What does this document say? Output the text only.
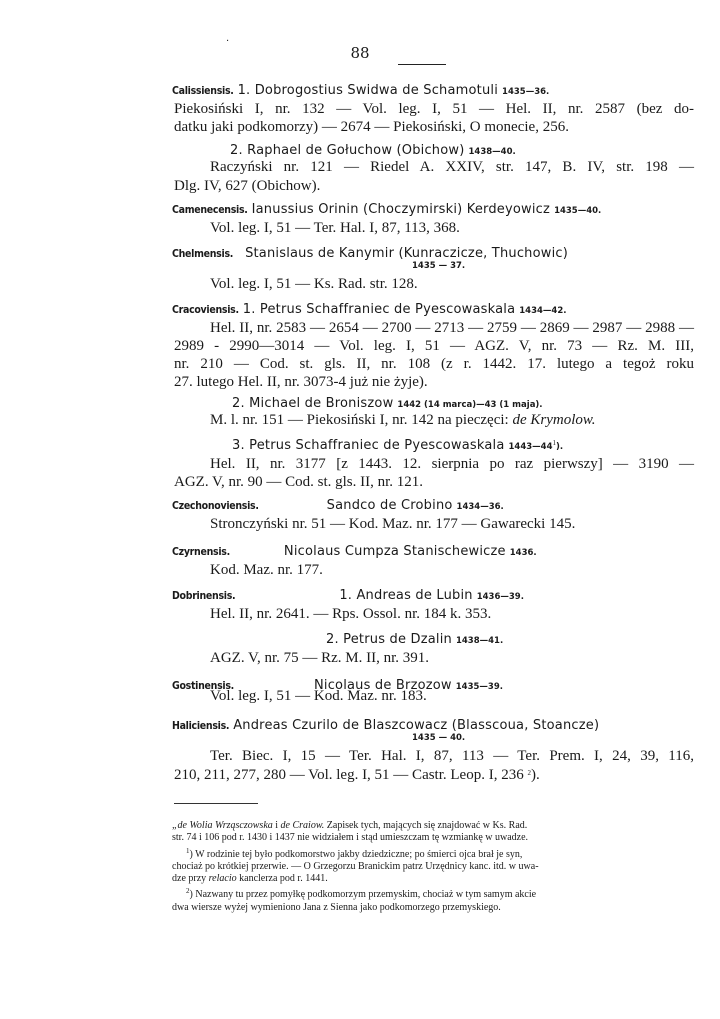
·
88
Calissiensis. 1. Dobrogostius Swidwa de Schamotuli 1435—36.
Piekosiński I, nr. 132 — Vol. leg. I, 51 — Hel. II, nr. 2587 (bez do-
datku jaki podkomorzy) — 2674 — Piekosiński, O monecie, 256.
2. Raphael de Gołuchow (Obichow) 1438—40.
Raczyński nr. 121 — Riedel A. XXIV, str. 147, B. IV, str. 198 —
Dlg. IV, 627 (Obichow).
Camenecensis. Ianussius Orinin (Choczymirski) Kerdeyowicz 1435—40.
Vol. leg. I, 51 — Ter. Hal. I, 87, 113, 368.
Chelmensis. Stanislaus de Kanymir (Kunraczicze, Thuchowic)
1435 — 37.
Vol. leg. I, 51 — Ks. Rad. str. 128.
Cracoviensis. 1. Petrus Schaffraniec de Pyescowaskala 1434—42.
Hel. II, nr. 2583 — 2654 — 2700 — 2713 — 2759 — 2869 — 2987 — 2988 —
2989 - 2990—3014 — Vol. leg. I, 51 — AGZ. V, nr. 73 — Rz. M. III,
nr. 210 — Cod. st. gls. II, nr. 108 (z r. 1442. 17. lutego a tegoż roku
27. lutego Hel. II, nr. 3073-4 już nie żyje).
2. Michael de Broniszow 1442 (14 marca)—43 (1 maja).
M. l. nr. 151 — Piekosiński I, nr. 142 na pieczęci: de Krymolow.
3. Petrus Schaffraniec de Pyescowaskala $1443—44^1$).
Hel. II, nr. 3177 [z 1443. 12. sierpnia po raz pierwszy] — 3190 —
AGZ. V, nr. 90 — Cod. st. gls. II, nr. 121.
Czechonoviensis.	Sandco de Crobino 1434—36.
Stronczyński nr. 51 — Kod. Maz. nr. 177 — Gawarecki 145.
Czyrnensis.	Nicolaus Cumpza Stanischewicze 1436.
Kod. Maz. nr. 177.
Dobrinensis.	1. Andreas de Lubin 1436—39.
Hel. II, nr. 2641. — Rps. Ossol. nr. 184 k. 353.
2. Petrus de Dzalin 1438—41.
AGZ. V, nr. 75 — Rz. M. II, nr. 391.
Gostinensis.	Nicolaus de Brzozow 1435—39.
Vol. leg. I, 51 — Kod. Maz. nr. 183.
Haliciensis. Andreas Czurilo de Blaszcowacz (Blasscoua, Stoancze)
1435 — 40.
Ter. Biec. I, 15 — Ter. Hal. I, 87, 113 — Ter. Prem. I, 24, 39, 116,
210, 211, 277, 280 — Vol. leg. I, 51 — Castr. Leop. I, 236 $^2$).

„de Wolia Wrząsczowska i de Craiow. Zapisek tych, mających się znajdować w Ks. Rad.

str. 74 i 106 pod r. 1430 i 1437 nie widziałem i stąd umieszczam tę wzmiankę w uwadze.

$^1$) W rodzinie tej było podkomorstwo jakby dziedziczne; po śmierci ojca brał je syn,

chociaż po krótkiej przerwie. — O Grzegorzu Branickim patrz Urzędnicy kanc. itd. w uwa-

dze przy relacio kanclerza pod r. 1441.

$^2$) Nazwany tu przez pomyłkę podkomorzym przemyskim, chociaż w tym samym akcie

dwa wiersze wyżej wymieniono Jana z Sienna jako podkomorzego przemyskiego.
